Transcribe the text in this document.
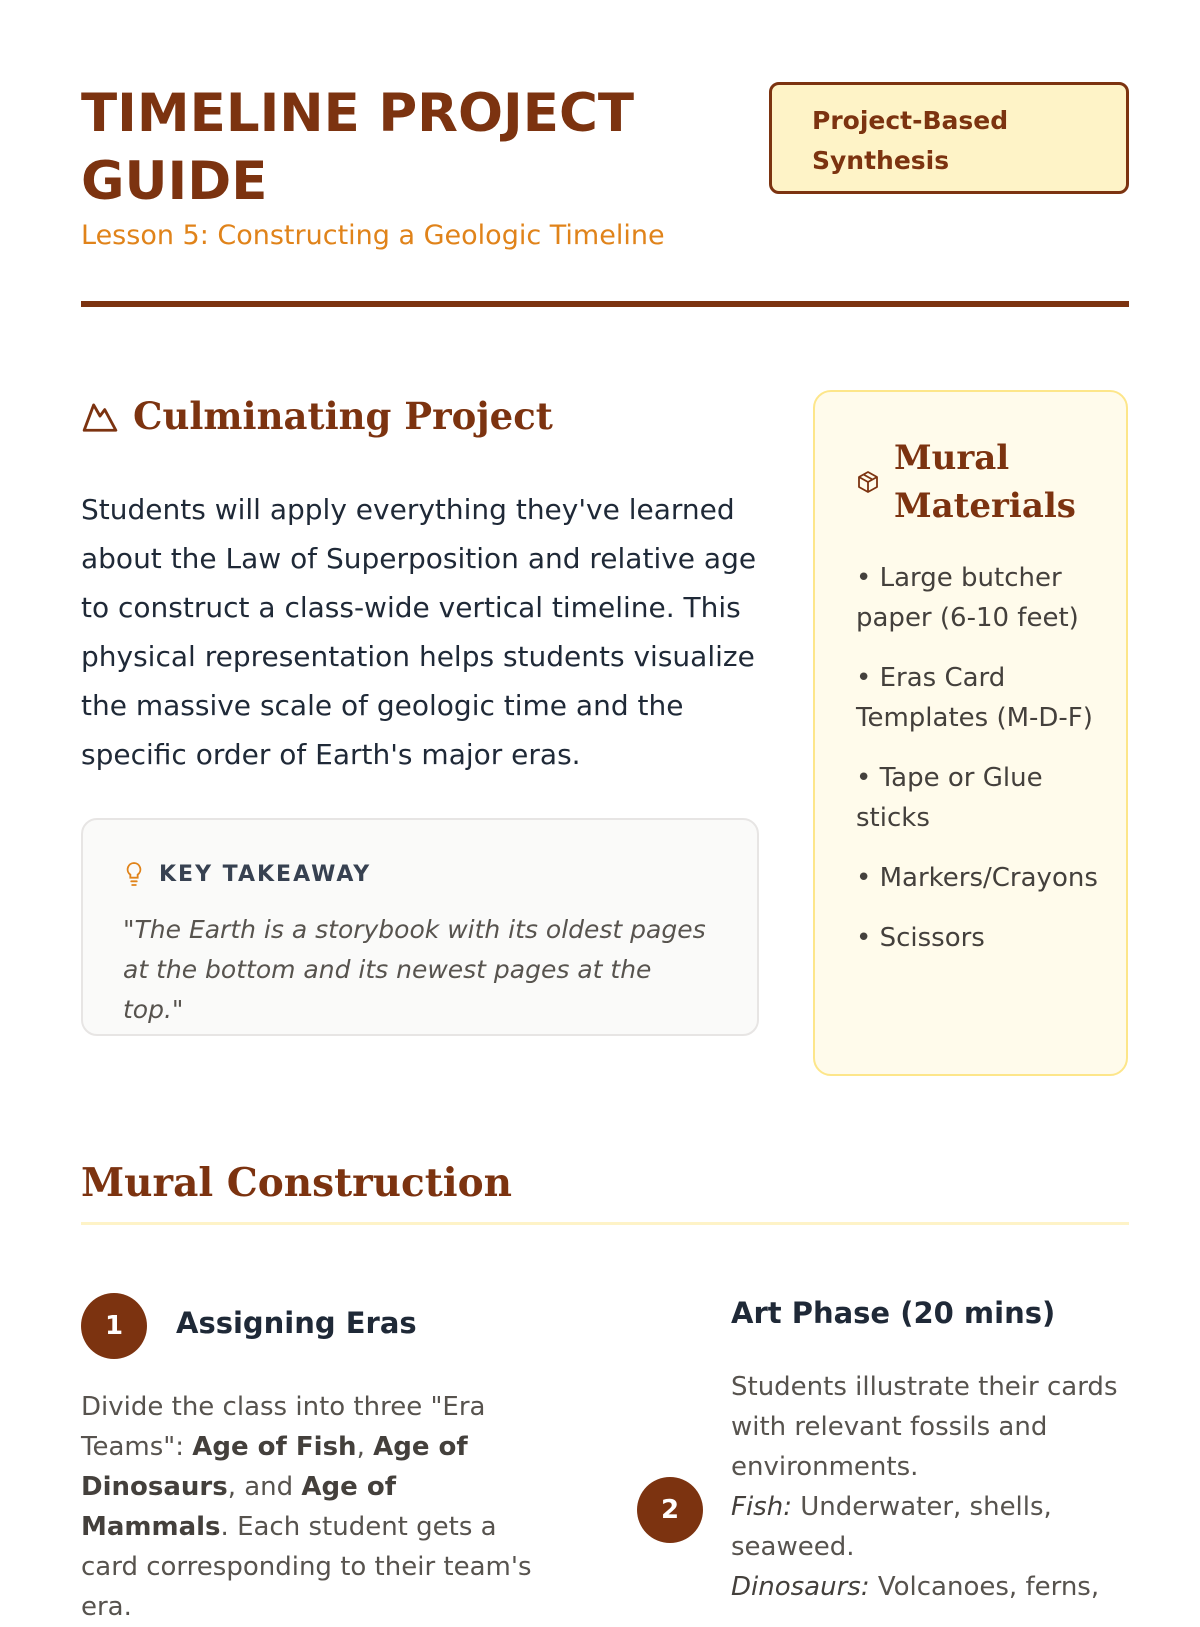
TIMELINE PROJECT GUIDE
Lesson 5: Constructing a Geologic Timeline
Project-Based
Synthesis
Culminating Project

Students will apply everything they've learned about the Law of Superposition and relative age to construct a class-wide vertical timeline. This physical representation helps students visualize the massive scale of geologic time and the specific order of Earth's major eras.

KEY TAKEAWAY

"The Earth is a storybook with its oldest pages at the bottom and its newest pages at the top."

Mural Materials
• Large butcher paper (6-10 feet)
• Eras Card Templates (M-D-F)
• Tape or Glue sticks
• Markers/Crayons
• Scissors
Mural Construction
1	Assigning Eras

Divide the class into three "Era Teams": Age of Fish, Age of Dinosaurs, and Age of Mammals. Each student gets a card corresponding to their team's era.

Art Phase (20 mins)
2

Students illustrate their cards with relevant fossils and environments.
Fish: Underwater, shells, seaweed.
Dinosaurs: Volcanoes, ferns,
